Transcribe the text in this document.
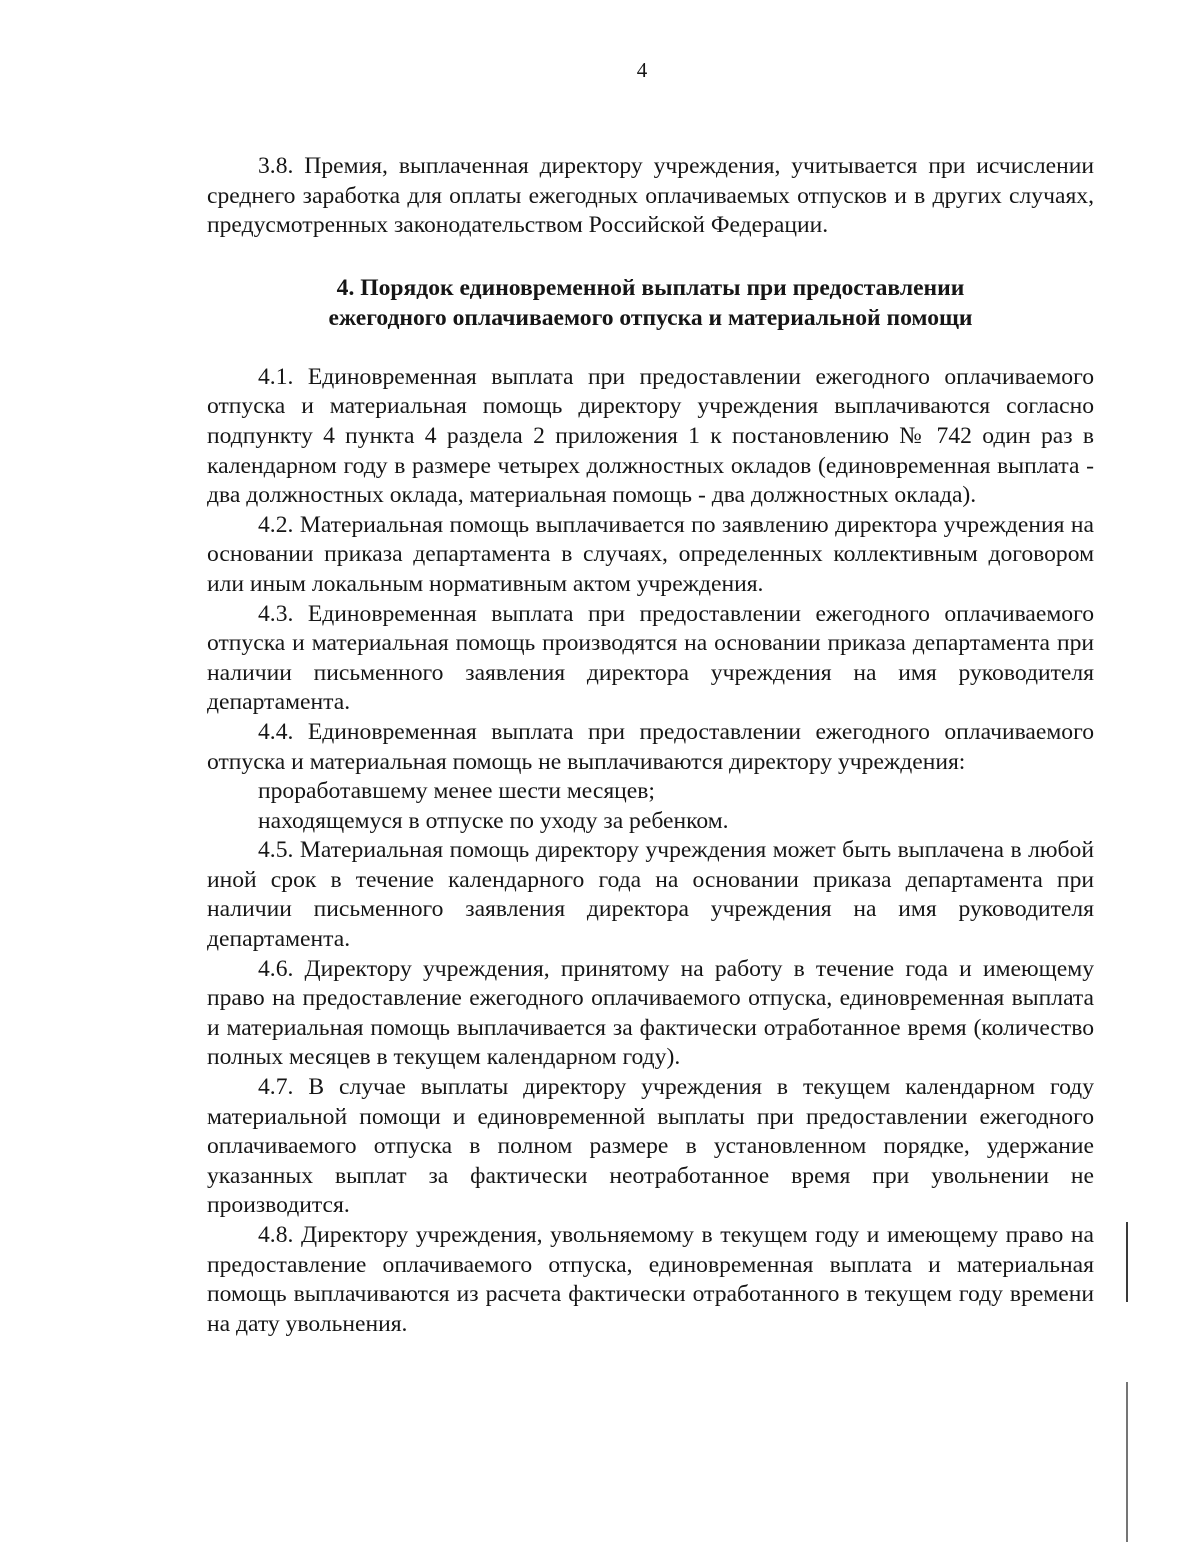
4

3.8. Премия, выплаченная директору учреждения, учитывается при исчислении среднего заработка для оплаты ежегодных оплачиваемых отпусков и в других случаях, предусмотренных законодательством Российской Федерации.

4. Порядок единовременной выплаты при предоставлении
ежегодного оплачиваемого отпуска и материальной помощи

4.1. Единовременная выплата при предоставлении ежегодного оплачиваемого отпуска и материальная помощь директору учреждения выплачиваются согласно подпункту 4 пункта 4 раздела 2 приложения 1 к постановлению № 742 один раз в календарном году в размере четырех должностных окладов (единовременная выплата - два должностных оклада, материальная помощь - два должностных оклада).

4.2. Материальная помощь выплачивается по заявлению директора учреждения на основании приказа департамента в случаях, определенных коллективным договором или иным локальным нормативным актом учреждения.

4.3. Единовременная выплата при предоставлении ежегодного оплачиваемого отпуска и материальная помощь производятся на основании приказа департамента при наличии письменного заявления директора учреждения на имя руководителя департамента.

4.4. Единовременная выплата при предоставлении ежегодного оплачиваемого отпуска и материальная помощь не выплачиваются директору учреждения:

проработавшему менее шести месяцев;

находящемуся в отпуске по уходу за ребенком.

4.5. Материальная помощь директору учреждения может быть выплачена в любой иной срок в течение календарного года на основании приказа департамента при наличии письменного заявления директора учреждения на имя руководителя департамента.

4.6. Директору учреждения, принятому на работу в течение года и имеющему право на предоставление ежегодного оплачиваемого отпуска, единовременная выплата и материальная помощь выплачивается за фактически отработанное время (количество полных месяцев в текущем календарном году).

4.7. В случае выплаты директору учреждения в текущем календарном году материальной помощи и единовременной выплаты при предоставлении ежегодного оплачиваемого отпуска в полном размере в установленном порядке, удержание указанных выплат за фактически неотработанное время при увольнении не производится.

4.8. Директору учреждения, увольняемому в текущем году и имеющему право на предоставление оплачиваемого отпуска, единовременная выплата и материальная помощь выплачиваются из расчета фактически отработанного в текущем году времени на дату увольнения.
